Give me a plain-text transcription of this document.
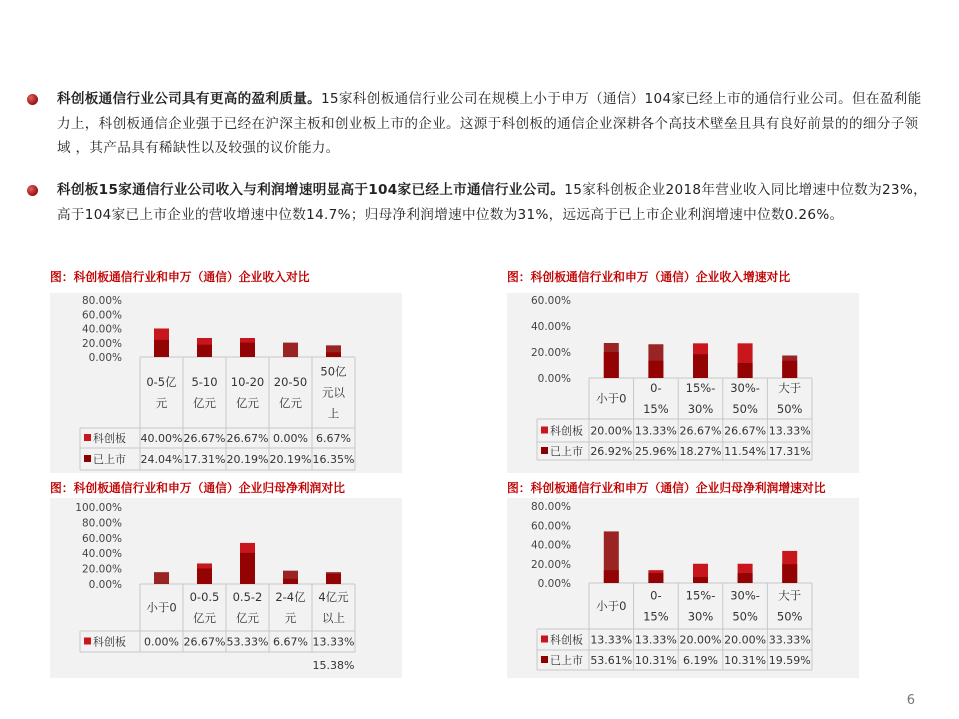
科创板通信行业公司具有更高的盈利质量。15家科创板通信行业公司在规模上小于申万（通信）104家已经上市的通信行业公司。但在盈利能力上，科创板通信企业强于已经在沪深主板和创业板上市的企业。这源于科创板的通信企业深耕各个高技术壁垒且具有良好前景的的细分子领域 ，其产品具有稀缺性以及较强的议价能力。
科创板15家通信行业公司收入与利润增速明显高于104家已经上市通信行业公司。15家科创板企业2018年营业收入同比增速中位数为23%，高于104家已上市企业的营收增速中位数14.7%；归母净利润增速中位数为31%，远远高于已上市企业利润增速中位数0.26%。
图：科创板通信行业和申万（通信）企业收入对比	图：科创板通信行业和申万（通信）企业收入增速对比
图：科创板通信行业和申万（通信）企业归母净利润对比	图：科创板通信行业和申万（通信）企业归母净利润增速对比
80.00%
60.00%
40.00%
20.00%
0.00%
0-5亿
元
5-10
亿元
10-20
亿元
20-50
亿元
50亿
元以
上
科创板 40.00% 26.67% 26.67% 0.00% 6.67%
已上市 24.04% 17.31% 20.19% 20.19% 16.35%
60.00%
40.00%
20.00%
0.00%
小于0
0-
15%
15%-
30%
30%-
50%
大于
50%
科创板 20.00% 13.33% 26.67% 26.67% 13.33%
已上市 26.92% 25.96% 18.27% 11.54% 17.31%
100.00%
80.00%
60.00%
40.00%
20.00%
0.00%
小于0
0-0.5
亿元
0.5-2
亿元
2-4亿
元
4亿元
以上
科创板 0.00% 26.67% 53.33% 6.67% 13.33%
15.38%
80.00%
60.00%
40.00%
20.00%
0.00%
小于0
0-
15%
15%-
30%
30%-
50%
大于
50%
科创板 13.33% 13.33% 20.00% 20.00% 33.33%
已上市 53.61% 10.31% 6.19% 10.31% 19.59%
6
